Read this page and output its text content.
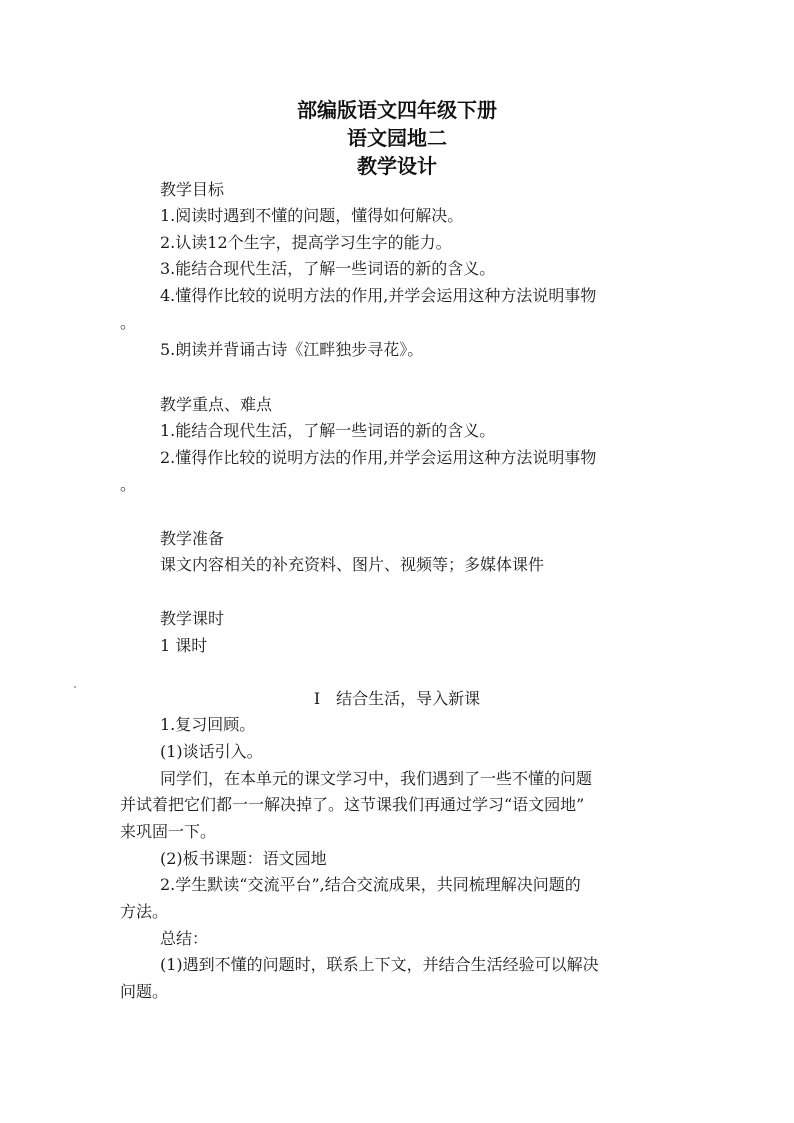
部编版语文四年级下册
语文园地二
教学设计
教学目标
1.阅读时遇到不懂的问题，懂得如何解决。
2.认读12个生字，提高学习生字的能力。
3.能结合现代生活，了解一些词语的新的含义。
4.懂得作比较的说明方法的作用,并学会运用这种方法说明事物
。
5.朗读并背诵古诗《江畔独步寻花》。
教学重点、难点
1.能结合现代生活，了解一些词语的新的含义。
2.懂得作比较的说明方法的作用,并学会运用这种方法说明事物
。
教学准备
课文内容相关的补充资料、图片、视频等；多媒体课件
教学课时
1 课时
Ⅰ　结合生活，导入新课
1.复习回顾。
(1)谈话引入。
同学们，在本单元的课文学习中，我们遇到了一些不懂的问题
并试着把它们都一一解决掉了。这节课我们再通过学习“语文园地”
来巩固一下。
(2)板书课题：语文园地
2.学生默读“交流平台”,结合交流成果，共同梳理解决问题的
方法。
总结：
(1)遇到不懂的问题时，联系上下文，并结合生活经验可以解决
问题。
